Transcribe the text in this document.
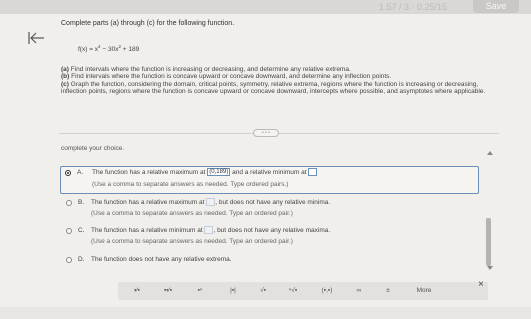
1.57 / 3 · 0.25/15	Save
Complete parts (a) through (c) for the following function.
$f(x) = x^4 - 30x^2 + 189$
(a) Find intervals where the function is increasing or decreasing, and determine any relative extrema.
(b) Find intervals where the function is concave upward or concave downward, and determine any inflection points.
(c) Graph the function, considering the domain, critical points, symmetry, relative extrema, regions where the function is increasing or decreasing, inflection points, regions where the function is concave upward or concave downward, intercepts where possible, and asymptotes where applicable.
• • •
complete your choice.
A. The function has a relative maximum at (0,189) and a relative minimum at
(Use a comma to separate answers as needed. Type ordered pairs.)
B. The function has a relative maximum at , but does not have any relative minima.
(Use a comma to separate answers as needed. Type an ordered pair.)
C. The function has a relative minimum at , but does not have any relative maxima.
(Use a comma to separate answers as needed. Type an ordered pair.)
D. The function does not have any relative extrema.
▪⁄▪	▪▪⁄▪	▪ⁿ	|▪|	√▪	ⁿ√▪	(▪,▪)	∞	±	More
×
